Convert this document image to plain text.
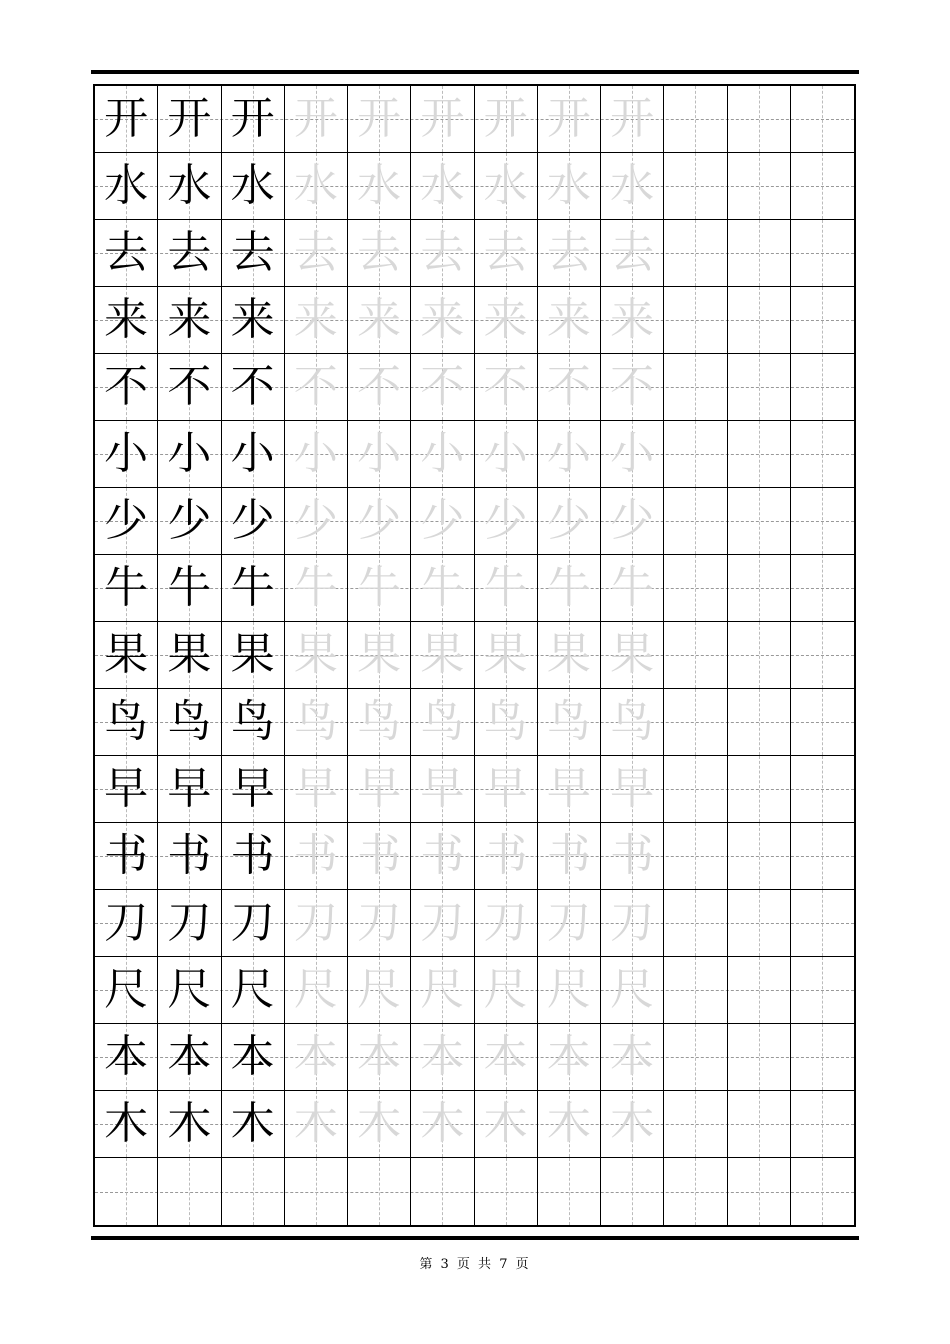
开 开 开 开 开 开 开 开 开
水 水 水 水 水 水 水 水 水
去 去 去 去 去 去 去 去 去
来 来 来 来 来 来 来 来 来
不 不 不 不 不 不 不 不 不
小 小 小 小 小 小 小 小 小
少 少 少 少 少 少 少 少 少
牛 牛 牛 牛 牛 牛 牛 牛 牛
果 果 果 果 果 果 果 果 果
鸟 鸟 鸟 鸟 鸟 鸟 鸟 鸟 鸟
早 早 早 早 早 早 早 早 早
书 书 书 书 书 书 书 书 书
刀 刀 刀 刀 刀 刀 刀 刀 刀
尺 尺 尺 尺 尺 尺 尺 尺 尺
本 本 本 本 本 本 本 本 本
木 木 木 木 木 木 木 木 木
第 3 页 共 7 页
